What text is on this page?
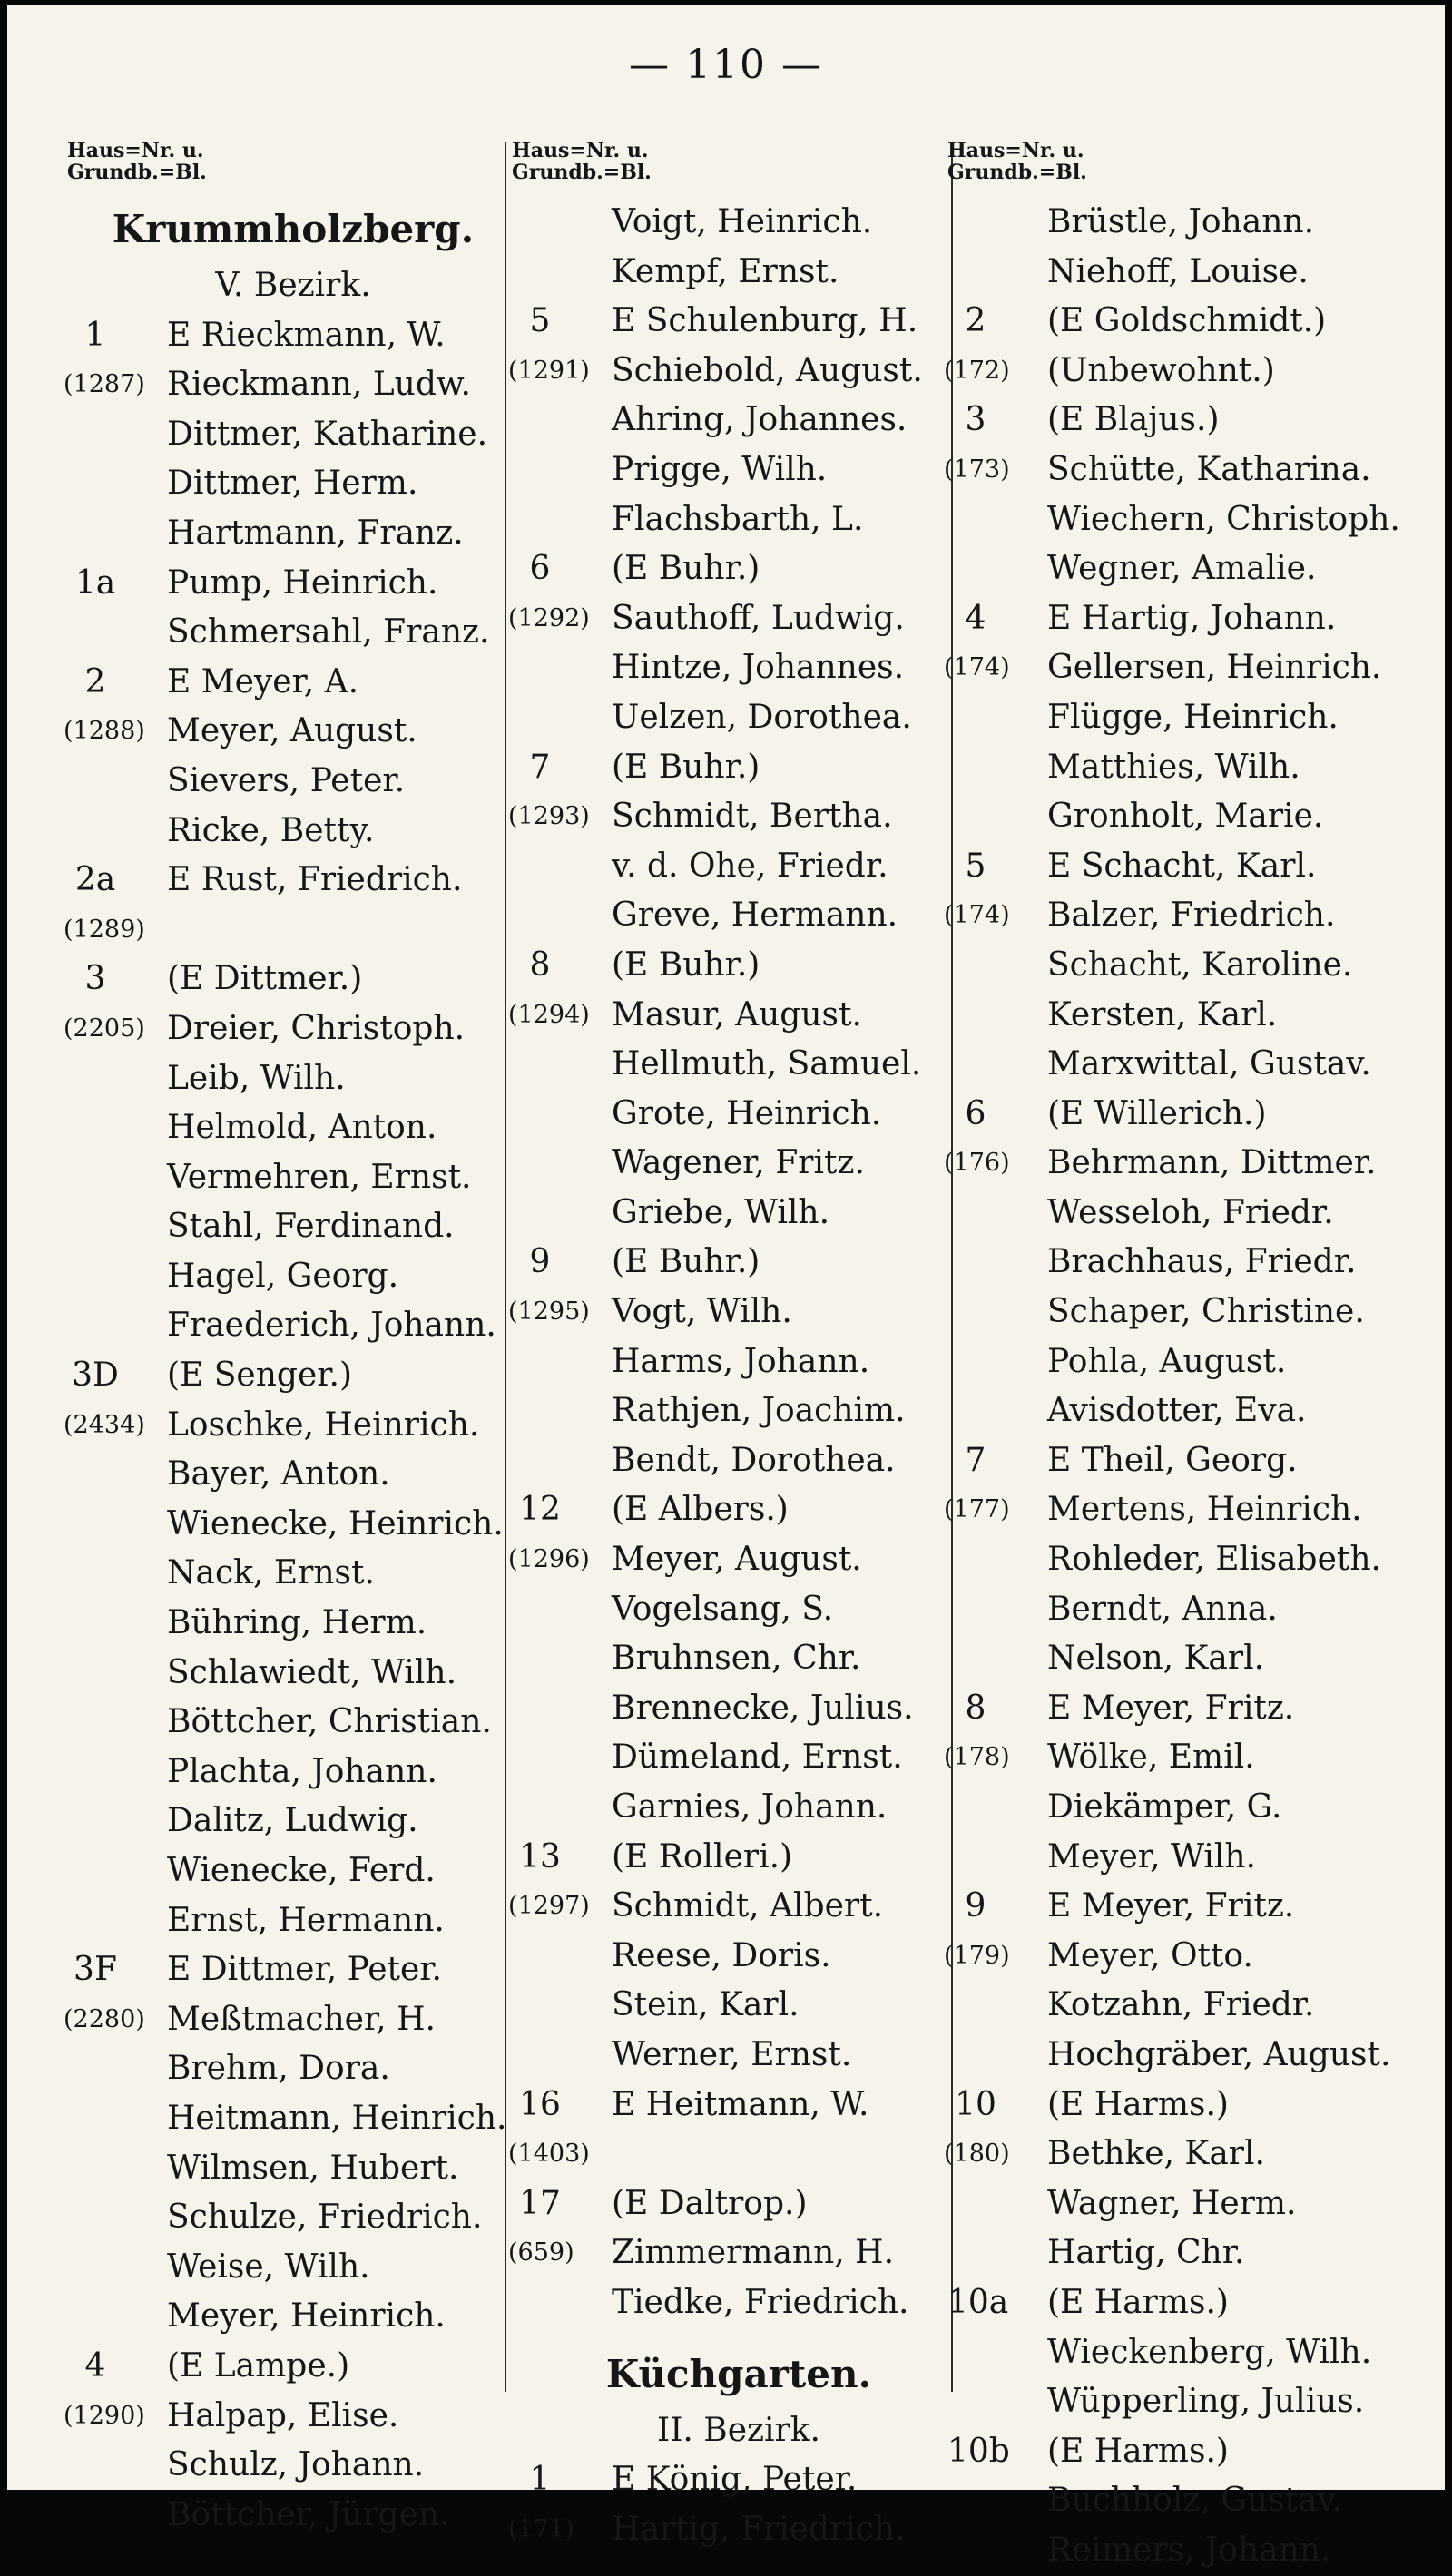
— 110 —
Haus=Nr. u.
Grundb.=Bl.
Krummholzberg.
V. Bezirk.
1	E Rieckmann, W.
(1287) Rieckmann, Ludw.
Dittmer, Katharine.
Dittmer, Herm.
Hartmann, Franz.
1a Pump, Heinrich.
Schmersahl, Franz.
2	E Meyer, A.
(1288) Meyer, August.
Sievers, Peter.
Ricke, Betty.
2a E Rust, Friedrich.
(1289)
3	(E Dittmer.)
(2205) Dreier, Christoph.
Leib, Wilh.
Helmold, Anton.
Vermehren, Ernst.
Stahl, Ferdinand.
Hagel, Georg.
Fraederich, Johann.
3D (E Senger.)
(2434) Loschke, Heinrich.
Bayer, Anton.
Wienecke, Heinrich.
Nack, Ernst.
Bühring, Herm.
Schlawiedt, Wilh.
Böttcher, Christian.
Plachta, Johann.
Dalitz, Ludwig.
Wienecke, Ferd.
Ernst, Hermann.
3F E Dittmer, Peter.
(2280) Meßtmacher, H.
Brehm, Dora.
Heitmann, Heinrich.
Wilmsen, Hubert.
Schulze, Friedrich.
Weise, Wilh.
Meyer, Heinrich.
4	(E Lampe.)
(1290) Halpap, Elise.
Schulz, Johann.
Böttcher, Jürgen.
Haus=Nr. u.
Grundb.=Bl.
Voigt, Heinrich.
Kempf, Ernst.
5	E Schulenburg, H.
(1291) Schiebold, August.
Ahring, Johannes.
Prigge, Wilh.
Flachsbarth, L.
6	(E Buhr.)
(1292) Sauthoff, Ludwig.
Hintze, Johannes.
Uelzen, Dorothea.
7	(E Buhr.)
(1293) Schmidt, Bertha.
v. d. Ohe, Friedr.
Greve, Hermann.
8	(E Buhr.)
(1294) Masur, August.
Hellmuth, Samuel.
Grote, Heinrich.
Wagener, Fritz.
Griebe, Wilh.
9	(E Buhr.)
(1295) Vogt, Wilh.
Harms, Johann.
Rathjen, Joachim.
Bendt, Dorothea.
12 (E Albers.)
(1296) Meyer, August.
Vogelsang, S.
Bruhnsen, Chr.
Brennecke, Julius.
Dümeland, Ernst.
Garnies, Johann.
13 (E Rolleri.)
(1297) Schmidt, Albert.
Reese, Doris.
Stein, Karl.
Werner, Ernst.
16 E Heitmann, W.
(1403)
17 (E Daltrop.)
(659)	Zimmermann, H.
Tiedke, Friedrich.
Küchgarten.
II. Bezirk.
1	E König, Peter.
(171)	Hartig, Friedrich.
Haus=Nr. u.
Grundb.=Bl.
Brüstle, Johann.
Niehoff, Louise.
2	(E Goldschmidt.)
(172)	(Unbewohnt.)
3	(E Blajus.)
(173)	Schütte, Katharina.
Wiechern, Christoph.
Wegner, Amalie.
4	E Hartig, Johann.
(174)	Gellersen, Heinrich.
Flügge, Heinrich.
Matthies, Wilh.
Gronholt, Marie.
5	E Schacht, Karl.
(174)	Balzer, Friedrich.
Schacht, Karoline.
Kersten, Karl.
Marxwittal, Gustav.
6	(E Willerich.)
(176)	Behrmann, Dittmer.
Wesseloh, Friedr.
Brachhaus, Friedr.
Schaper, Christine.
Pohla, August.
Avisdotter, Eva.
7	E Theil, Georg.
(177)	Mertens, Heinrich.
Rohleder, Elisabeth.
Berndt, Anna.
Nelson, Karl.
8	E Meyer, Fritz.
(178)	Wölke, Emil.
Diekämper, G.
Meyer, Wilh.
9	E Meyer, Fritz.
(179)	Meyer, Otto.
Kotzahn, Friedr.
Hochgräber, August.
10 (E Harms.)
(180)	Bethke, Karl.
Wagner, Herm.
Hartig, Chr.
10a (E Harms.)
Wieckenberg, Wilh.
Wüpperling, Julius.
10b (E Harms.)
Buchholz, Gustav.
Reimers, Johann.
